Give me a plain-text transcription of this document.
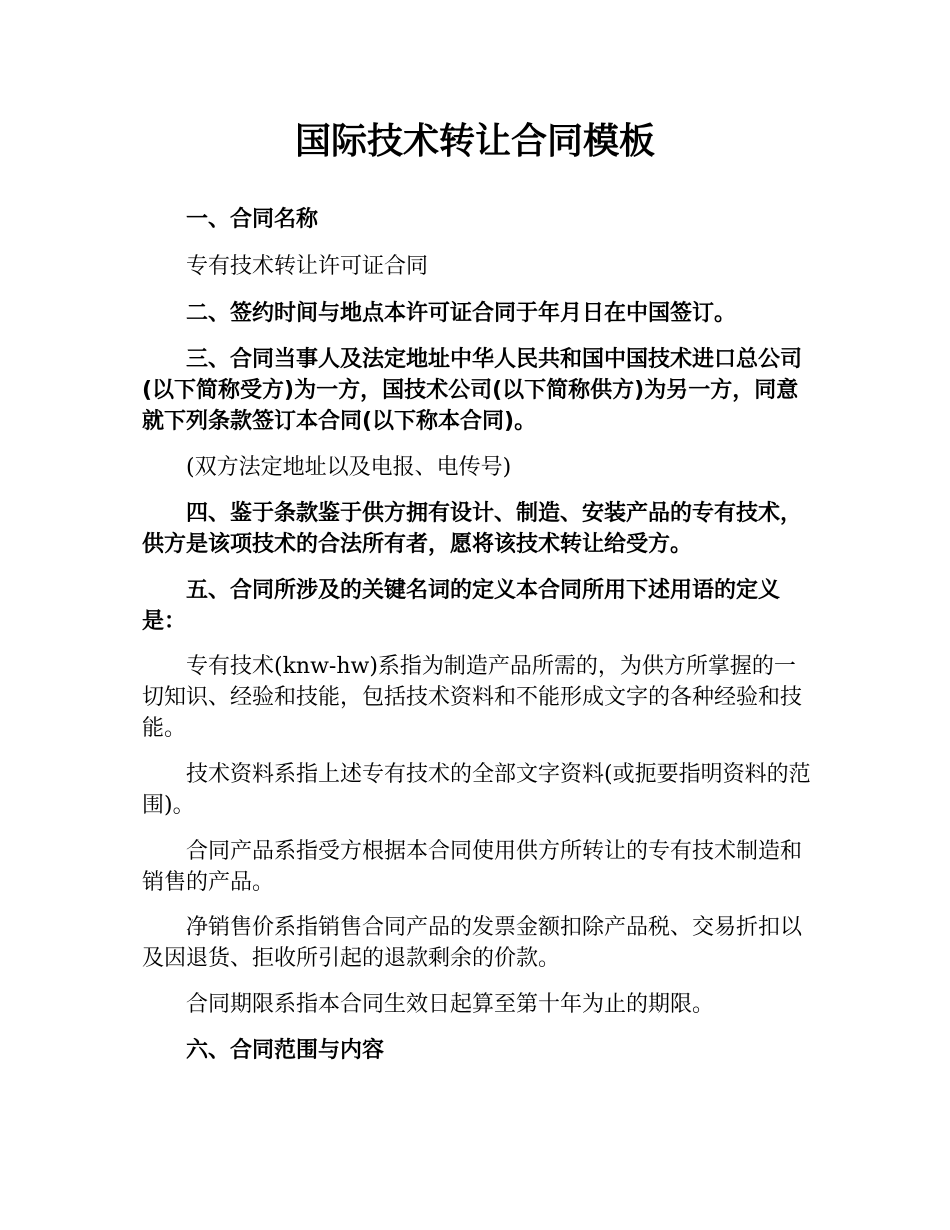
国际技术转让合同模板
一、合同名称
专有技术转让许可证合同
二、签约时间与地点本许可证合同于年月日在中国签订。
三、合同当事人及法定地址中华人民共和国中国技术进口总公司(以下简称受方)为一方，国技术公司(以下简称供方)为另一方，同意就下列条款签订本合同(以下称本合同)。
(双方法定地址以及电报、电传号)
四、鉴于条款鉴于供方拥有设计、制造、安装产品的专有技术，供方是该项技术的合法所有者，愿将该技术转让给受方。
五、合同所涉及的关键名词的定义本合同所用下述用语的定义是：
专有技术(knw-hw)系指为制造产品所需的，为供方所掌握的一切知识、经验和技能，包括技术资料和不能形成文字的各种经验和技能。
技术资料系指上述专有技术的全部文字资料(或扼要指明资料的范围)。
合同产品系指受方根据本合同使用供方所转让的专有技术制造和销售的产品。
净销售价系指销售合同产品的发票金额扣除产品税、交易折扣以及因退货、拒收所引起的退款剩余的价款。
合同期限系指本合同生效日起算至第十年为止的期限。
六、合同范围与内容
